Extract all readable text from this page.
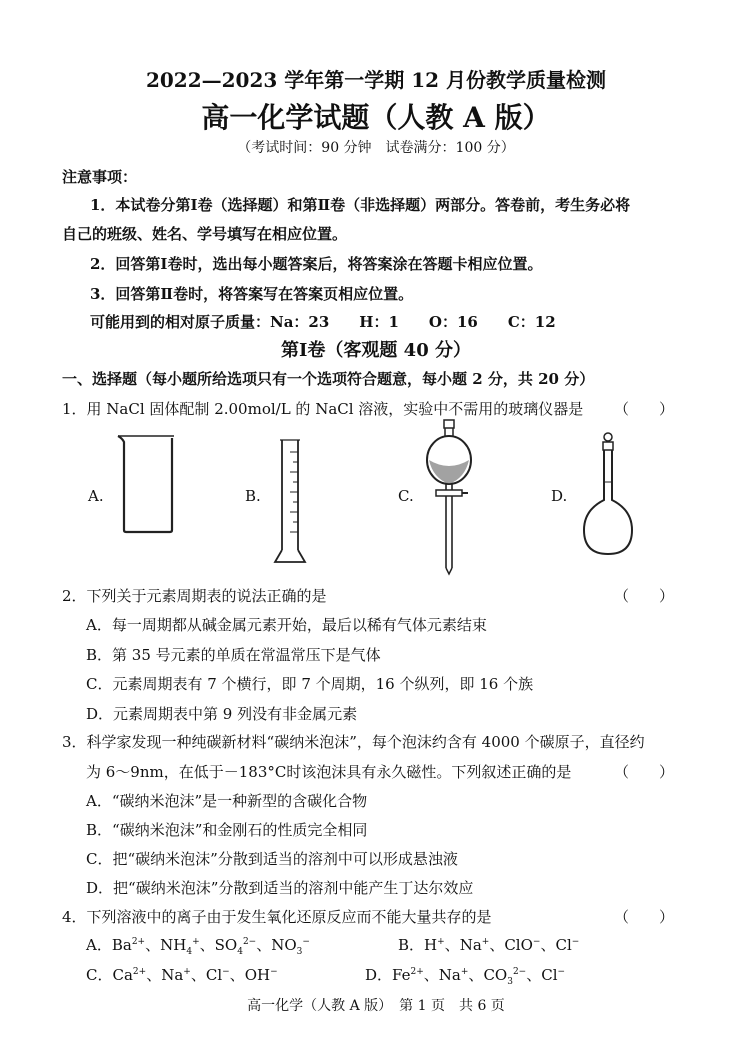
2022—2023 学年第一学期 12 月份教学质量检测
高一化学试题（人教 A 版）
（考试时间：90 分钟　试卷满分：100 分）
注意事项：
1．本试卷分第Ⅰ卷（选择题）和第Ⅱ卷（非选择题）两部分。答卷前，考生务必将
自己的班级、姓名、学号填写在相应位置。
2．回答第Ⅰ卷时，选出每小题答案后，将答案涂在答题卡相应位置。
3．回答第Ⅱ卷时，将答案写在答案页相应位置。
可能用到的相对原子质量：Na：23　　H：1　　O：16　　C：12
第Ⅰ卷（客观题 40 分）
一、选择题（每小题所给选项只有一个选项符合题意，每小题 2 分，共 20 分）
1．用 NaCl 固体配制 2.00mol/L 的 NaCl 溶液，实验中不需用的玻璃仪器是 （　　）
A.	B.	C.	D.
2．下列关于元素周期表的说法正确的是	（　　）
A．每一周期都从碱金属元素开始，最后以稀有气体元素结束
B．第 35 号元素的单质在常温常压下是气体
C．元素周期表有 7 个横行，即 7 个周期，16 个纵列，即 16 个族
D．元素周期表中第 9 列没有非金属元素
3．科学家发现一种纯碳新材料“碳纳米泡沫”，每个泡沫约含有 4000 个碳原子，直径约
为 6～9nm，在低于－183°C时该泡沫具有永久磁性。下列叙述正确的是	（　　）
A．“碳纳米泡沫”是一种新型的含碳化合物
B．“碳纳米泡沫”和金刚石的性质完全相同
C．把“碳纳米泡沫”分散到适当的溶剂中可以形成悬浊液
D．把“碳纳米泡沫”分散到适当的溶剂中能产生丁达尔效应
4．下列溶液中的离子由于发生氧化还原反应而不能大量共存的是	（　　）
A．$Ba^{2+}$、$NH_4^+$、$SO_4^{2-}$、$NO_3^-$	B．H+、Na+、ClO−、Cl−
C．$Ca^{2+}$、Na+、Cl−、OH−	D．$Fe^{2+}$、Na+、$CO_3^{2-}$、Cl−
高一化学（人教 A 版）　第 1 页　共 6 页
